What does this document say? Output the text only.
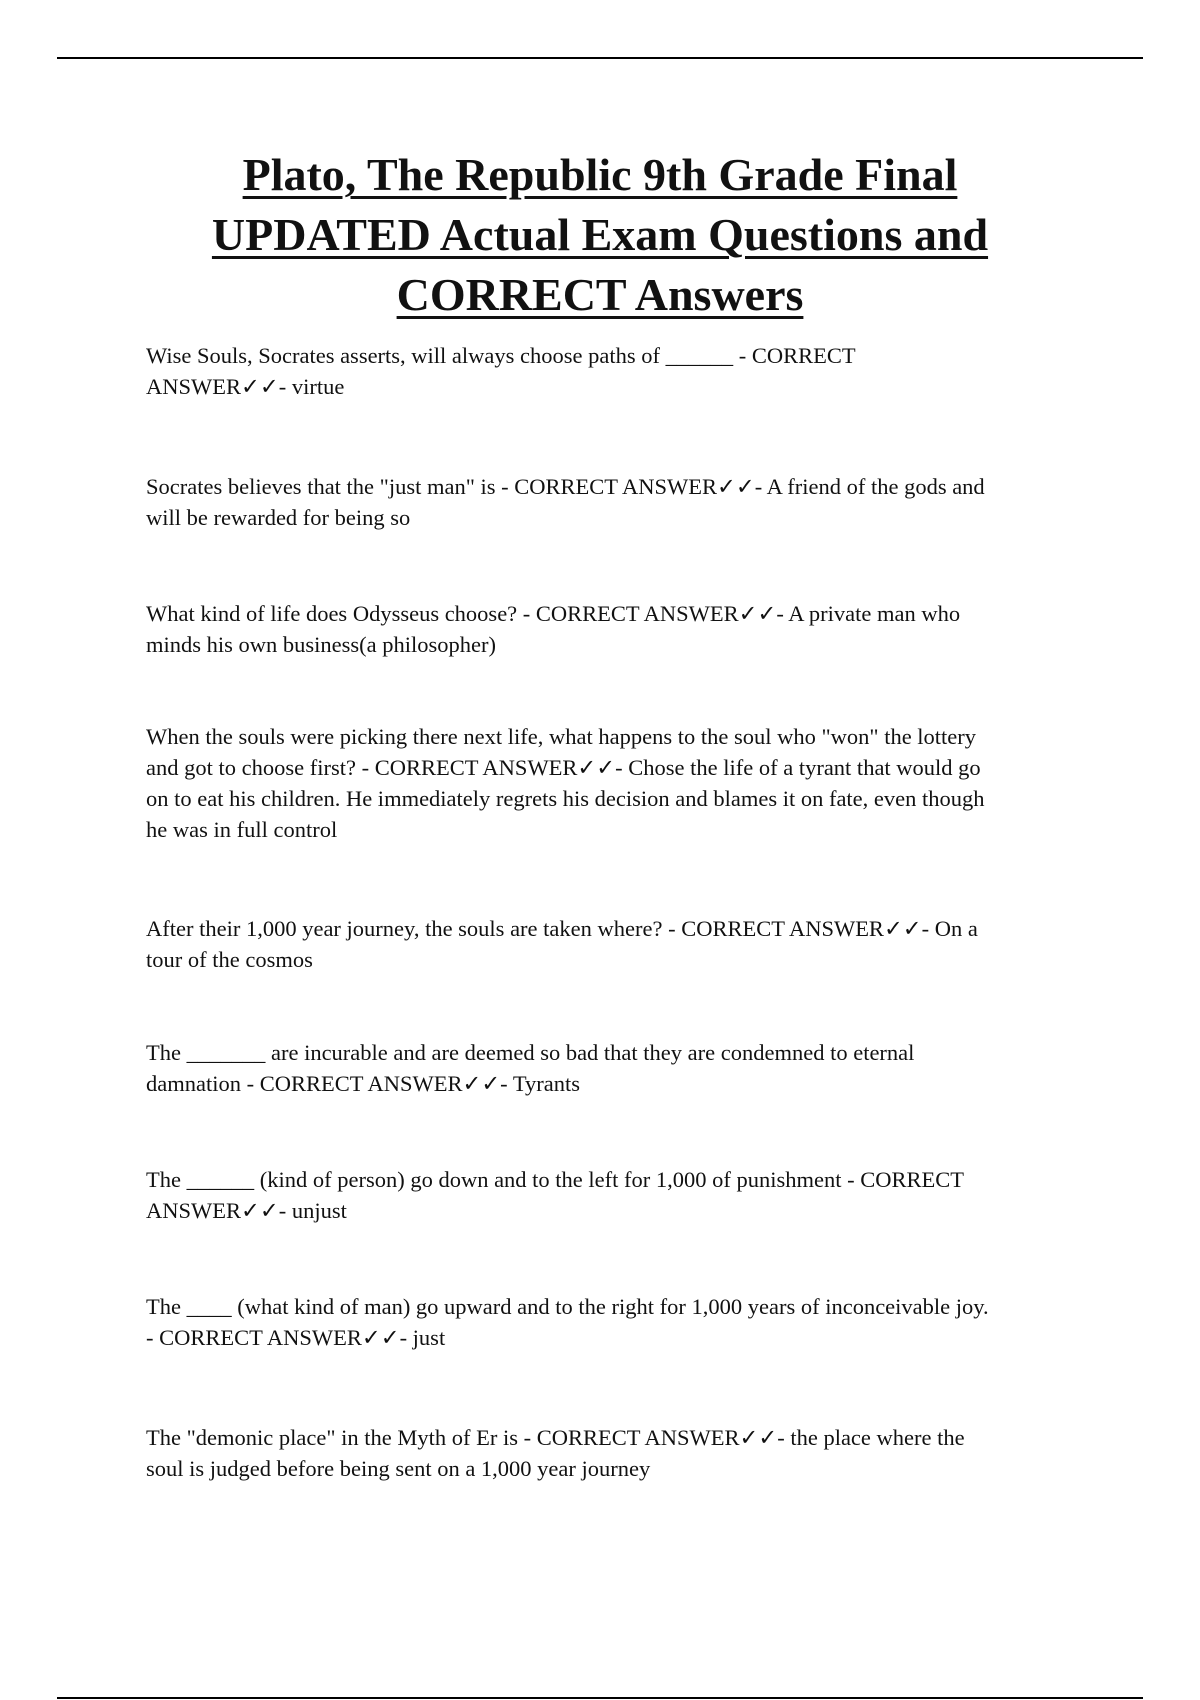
Plato, The Republic 9th Grade Final
UPDATED Actual Exam Questions and
CORRECT Answers

Wise Souls, Socrates asserts, will always choose paths of ______ - CORRECT
ANSWER✓✓- virtue

Socrates believes that the "just man" is - CORRECT ANSWER✓✓- A friend of the gods and
will be rewarded for being so

What kind of life does Odysseus choose? - CORRECT ANSWER✓✓- A private man who
minds his own business(a philosopher)

When the souls were picking there next life, what happens to the soul who "won" the lottery
and got to choose first? - CORRECT ANSWER✓✓- Chose the life of a tyrant that would go
on to eat his children. He immediately regrets his decision and blames it on fate, even though
he was in full control

After their 1,000 year journey, the souls are taken where? - CORRECT ANSWER✓✓- On a
tour of the cosmos

The _______ are incurable and are deemed so bad that they are condemned to eternal
damnation - CORRECT ANSWER✓✓- Tyrants

The ______ (kind of person) go down and to the left for 1,000 of punishment - CORRECT
ANSWER✓✓- unjust

The ____ (what kind of man) go upward and to the right for 1,000 years of inconceivable joy.
- CORRECT ANSWER✓✓- just

The "demonic place" in the Myth of Er is - CORRECT ANSWER✓✓- the place where the
soul is judged before being sent on a 1,000 year journey
